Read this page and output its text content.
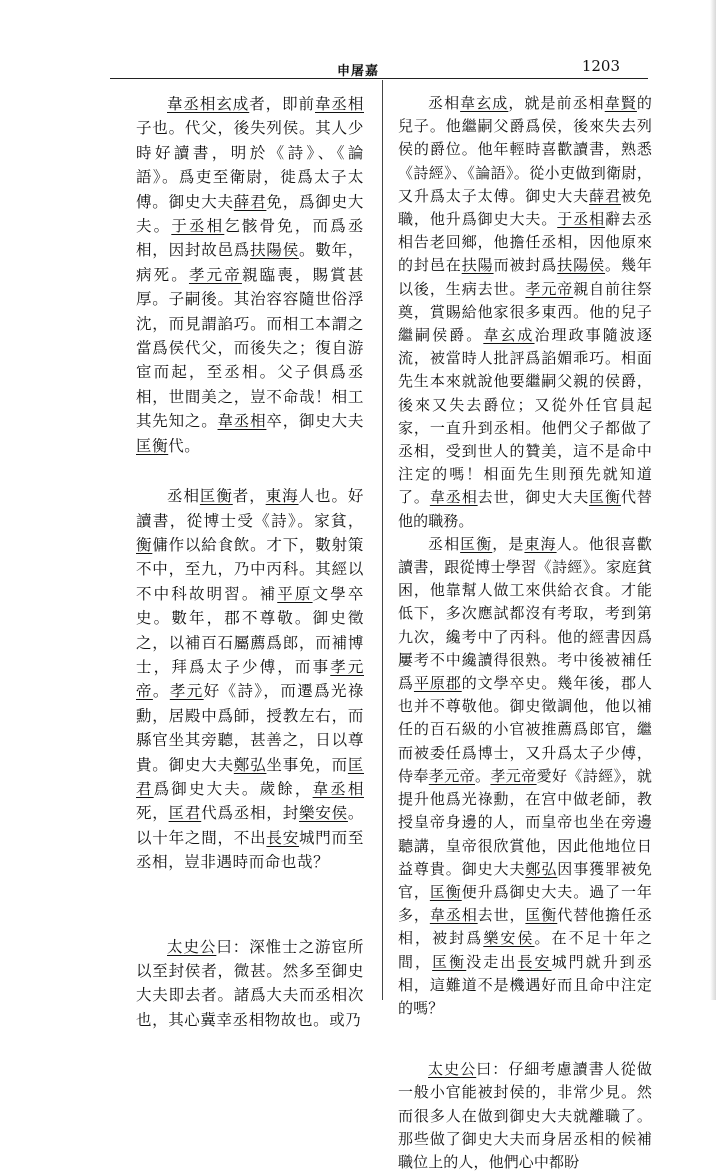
申屠嘉	1203

韋丞相玄成者，即前韋丞相子也。代父，後失列侯。其人少時好讀書，明於《詩》、《論語》。爲吏至衛尉，徙爲太子太傅。御史大夫薛君免，爲御史大夫。于丞相乞骸骨免，而爲丞相，因封故邑爲扶陽侯。數年，病死。孝元帝親臨喪，賜賞甚厚。子嗣後。其治容容隨世俗浮沈，而見謂諂巧。而相工本謂之當爲侯代父，而後失之；復自游宦而起，至丞相。父子俱爲丞相，世間美之，豈不命哉！相工其先知之。韋丞相卒，御史大夫匡衡代。

丞相匡衡者，東海人也。好讀書，從博士受《詩》。家貧，衡傭作以給食飲。才下，數射策不中，至九，乃中丙科。其經以不中科故明習。補平原文學卒史。數年，郡不尊敬。御史徵之，以補百石屬薦爲郎，而補博士，拜爲太子少傅，而事孝元帝。孝元好《詩》，而遷爲光祿勳，居殿中爲師，授教左右，而縣官坐其旁聽，甚善之，日以尊貴。御史大夫鄭弘坐事免，而匡君爲御史大夫。歲餘，韋丞相死，匡君代爲丞相，封樂安侯。以十年之間，不出長安城門而至丞相，豈非遇時而命也哉？

太史公曰：深惟士之游宦所以至封侯者，微甚。然多至御史大夫即去者。諸爲大夫而丞相次也，其心冀幸丞相物故也。或乃

丞相韋玄成，就是前丞相韋賢的兒子。他繼嗣父爵爲侯，後來失去列侯的爵位。他年輕時喜歡讀書，熟悉《詩經》、《論語》。從小吏做到衛尉，又升爲太子太傅。御史大夫薛君被免職，他升爲御史大夫。于丞相辭去丞相告老回鄉，他擔任丞相，因他原來的封邑在扶陽而被封爲扶陽侯。幾年以後，生病去世。孝元帝親自前往祭奠，賞賜給他家很多東西。他的兒子繼嗣侯爵。韋玄成治理政事隨波逐流，被當時人批評爲諂媚乖巧。相面先生本來就說他要繼嗣父親的侯爵，後來又失去爵位；又從外任官員起家，一直升到丞相。他們父子都做了丞相，受到世人的贊美，這不是命中注定的嗎！相面先生則預先就知道了。韋丞相去世，御史大夫匡衡代替他的職務。

丞相匡衡，是東海人。他很喜歡讀書，跟從博士學習《詩經》。家庭貧困，他靠幫人做工來供給衣食。才能低下，多次應試都沒有考取，考到第九次，纔考中了丙科。他的經書因爲屢考不中纔讀得很熟。考中後被補任爲平原郡的文學卒史。幾年後，郡人也并不尊敬他。御史徵調他，他以補任的百石級的小官被推薦爲郎官，繼而被委任爲博士，又升爲太子少傅，侍奉孝元帝。孝元帝愛好《詩經》，就提升他爲光祿勳，在宫中做老師，教授皇帝身邊的人，而皇帝也坐在旁邊聽講，皇帝很欣賞他，因此他地位日益尊貴。御史大夫鄭弘因事獲罪被免官，匡衡便升爲御史大夫。過了一年多，韋丞相去世，匡衡代替他擔任丞相，被封爲樂安侯。在不足十年之間，匡衡没走出長安城門就升到丞相，這難道不是機遇好而且命中注定的嗎？

太史公曰：仔細考慮讀書人從做一般小官能被封侯的，非常少見。然而很多人在做到御史大夫就離職了。那些做了御史大夫而身居丞相的候補職位上的人，他們心中都盼
